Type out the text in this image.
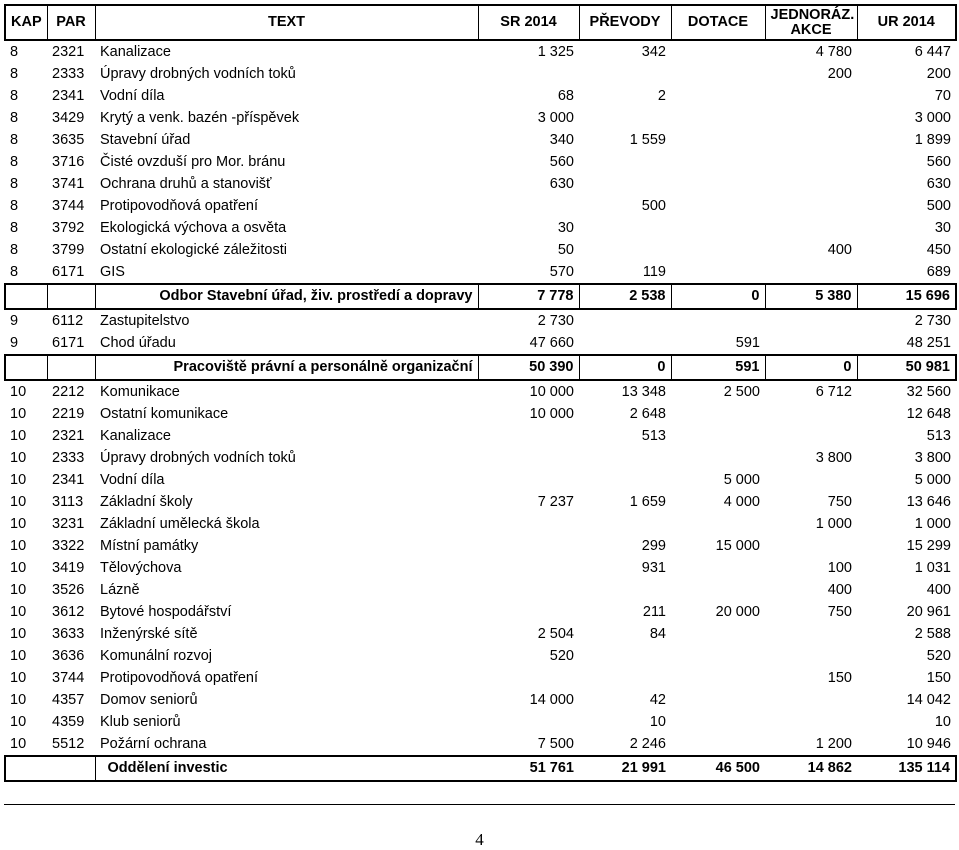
KAP	PAR	TEXT	SR 2014	PŘEVODY	DOTACE	JEDNORÁZ. AKCE	UR 2014
8	2321	Kanalizace	1 325	342		4 780	6 447
8	2333	Úpravy drobných vodních toků				200	200
8	2341	Vodní díla	68	2			70
8	3429	Krytý a venk. bazén -příspěvek	3 000				3 000
8	3635	Stavební úřad	340	1 559			1 899
8	3716	Čisté ovzduší pro Mor. bránu	560				560
8	3741	Ochrana druhů a stanovišť	630				630
8	3744	Protipovodňová opatření		500			500
8	3792	Ekologická výchova a osvěta	30				30
8	3799	Ostatní ekologické záležitosti	50			400	450
8	6171	GIS	570	119			689
		Odbor Stavební úřad, živ. prostředí a dopravy	7 778	2 538	0	5 380	15 696
9	6112	Zastupitelstvo	2 730				2 730
9	6171	Chod úřadu	47 660		591		48 251
		Pracoviště právní a personálně organizační	50 390	0	591	0	50 981
10	2212	Komunikace	10 000	13 348	2 500	6 712	32 560
10	2219	Ostatní komunikace	10 000	2 648			12 648
10	2321	Kanalizace		513			513
10	2333	Úpravy drobných vodních toků				3 800	3 800
10	2341	Vodní díla			5 000		5 000
10	3113	Základní školy	7 237	1 659	4 000	750	13 646
10	3231	Základní umělecká škola				1 000	1 000
10	3322	Místní památky		299	15 000		15 299
10	3419	Tělovýchova		931		100	1 031
10	3526	Lázně				400	400
10	3612	Bytové hospodářství		211	20 000	750	20 961
10	3633	Inženýrské sítě	2 504	84			2 588
10	3636	Komunální rozvoj	520				520
10	3744	Protipovodňová opatření				150	150
10	4357	Domov seniorů	14 000	42			14 042
10	4359	Klub seniorů		10			10
10	5512	Požární ochrana	7 500	2 246		1 200	10 946
		Oddělení investic	51 761	21 991	46 500	14 862	135 114
4
